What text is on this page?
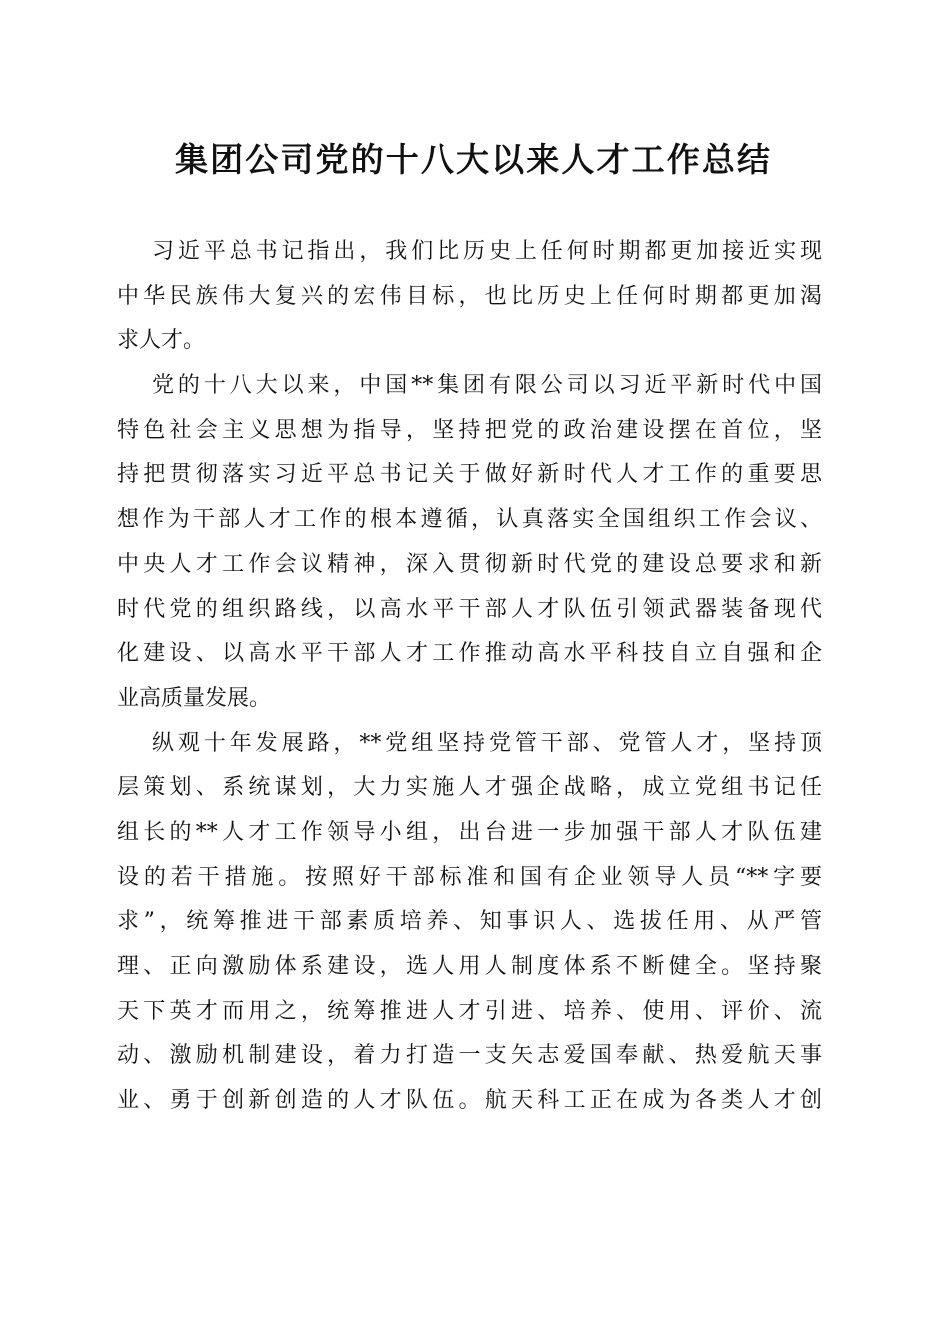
集团公司党的十八大以来人才工作总结
习近平总书记指出，我们比历史上任何时期都更加接近实现
中华民族伟大复兴的宏伟目标，也比历史上任何时期都更加渴
求人才。
党的十八大以来，中国**集团有限公司以习近平新时代中国
特色社会主义思想为指导，坚持把党的政治建设摆在首位，坚
持把贯彻落实习近平总书记关于做好新时代人才工作的重要思
想作为干部人才工作的根本遵循，认真落实全国组织工作会议、
中央人才工作会议精神，深入贯彻新时代党的建设总要求和新
时代党的组织路线，以高水平干部人才队伍引领武器装备现代
化建设、以高水平干部人才工作推动高水平科技自立自强和企
业高质量发展。
纵观十年发展路，**党组坚持党管干部、党管人才，坚持顶
层策划、系统谋划，大力实施人才强企战略，成立党组书记任
组长的**人才工作领导小组，出台进一步加强干部人才队伍建
设的若干措施。按照好干部标准和国有企业领导人员“**字要
求”，统筹推进干部素质培养、知事识人、选拔任用、从严管
理、正向激励体系建设，选人用人制度体系不断健全。坚持聚
天下英才而用之，统筹推进人才引进、培养、使用、评价、流
动、激励机制建设，着力打造一支矢志爱国奉献、热爱航天事
业、勇于创新创造的人才队伍。航天科工正在成为各类人才创
